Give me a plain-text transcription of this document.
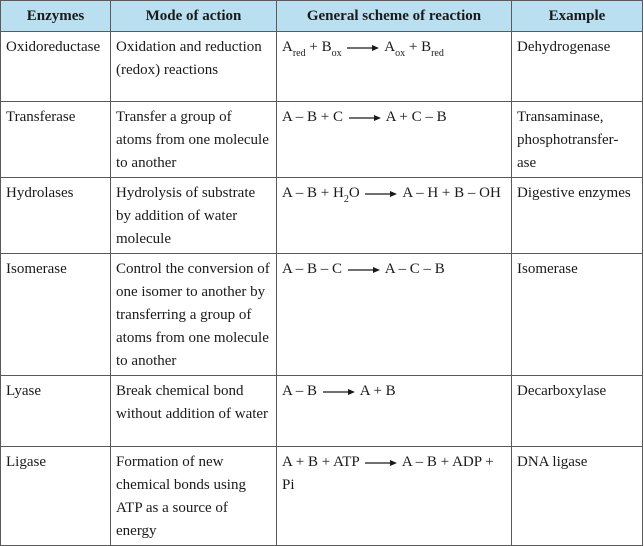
Enzymes	Mode of action	General scheme of reaction	Example
Oxidoreductase	Oxidation and reduction (redox) reactions	$A_{red} + B_{ox}$ $A_{ox} + B_{red}$	Dehydrogenase
Transferase	Transfer a group of atoms from one molecule to another	A – B + C A + C – B	Transaminase, phosphotransfer- ase
Hydrolases	Hydrolysis of substrate by addition of water molecule	$A - B + H_2O$ A – H + B – OH	Digestive enzymes
Isomerase	Control the conversion of one isomer to another by transferring a group of atoms from one molecule to another	A – B – C A – C – B	Isomerase
Lyase	Break chemical bond without addition of water	A – B A + B	Decarboxylase
Ligase	Formation of new chemical bonds using ATP as a source of energy	A + B + ATP A – B + ADP + Pi	DNA ligase
